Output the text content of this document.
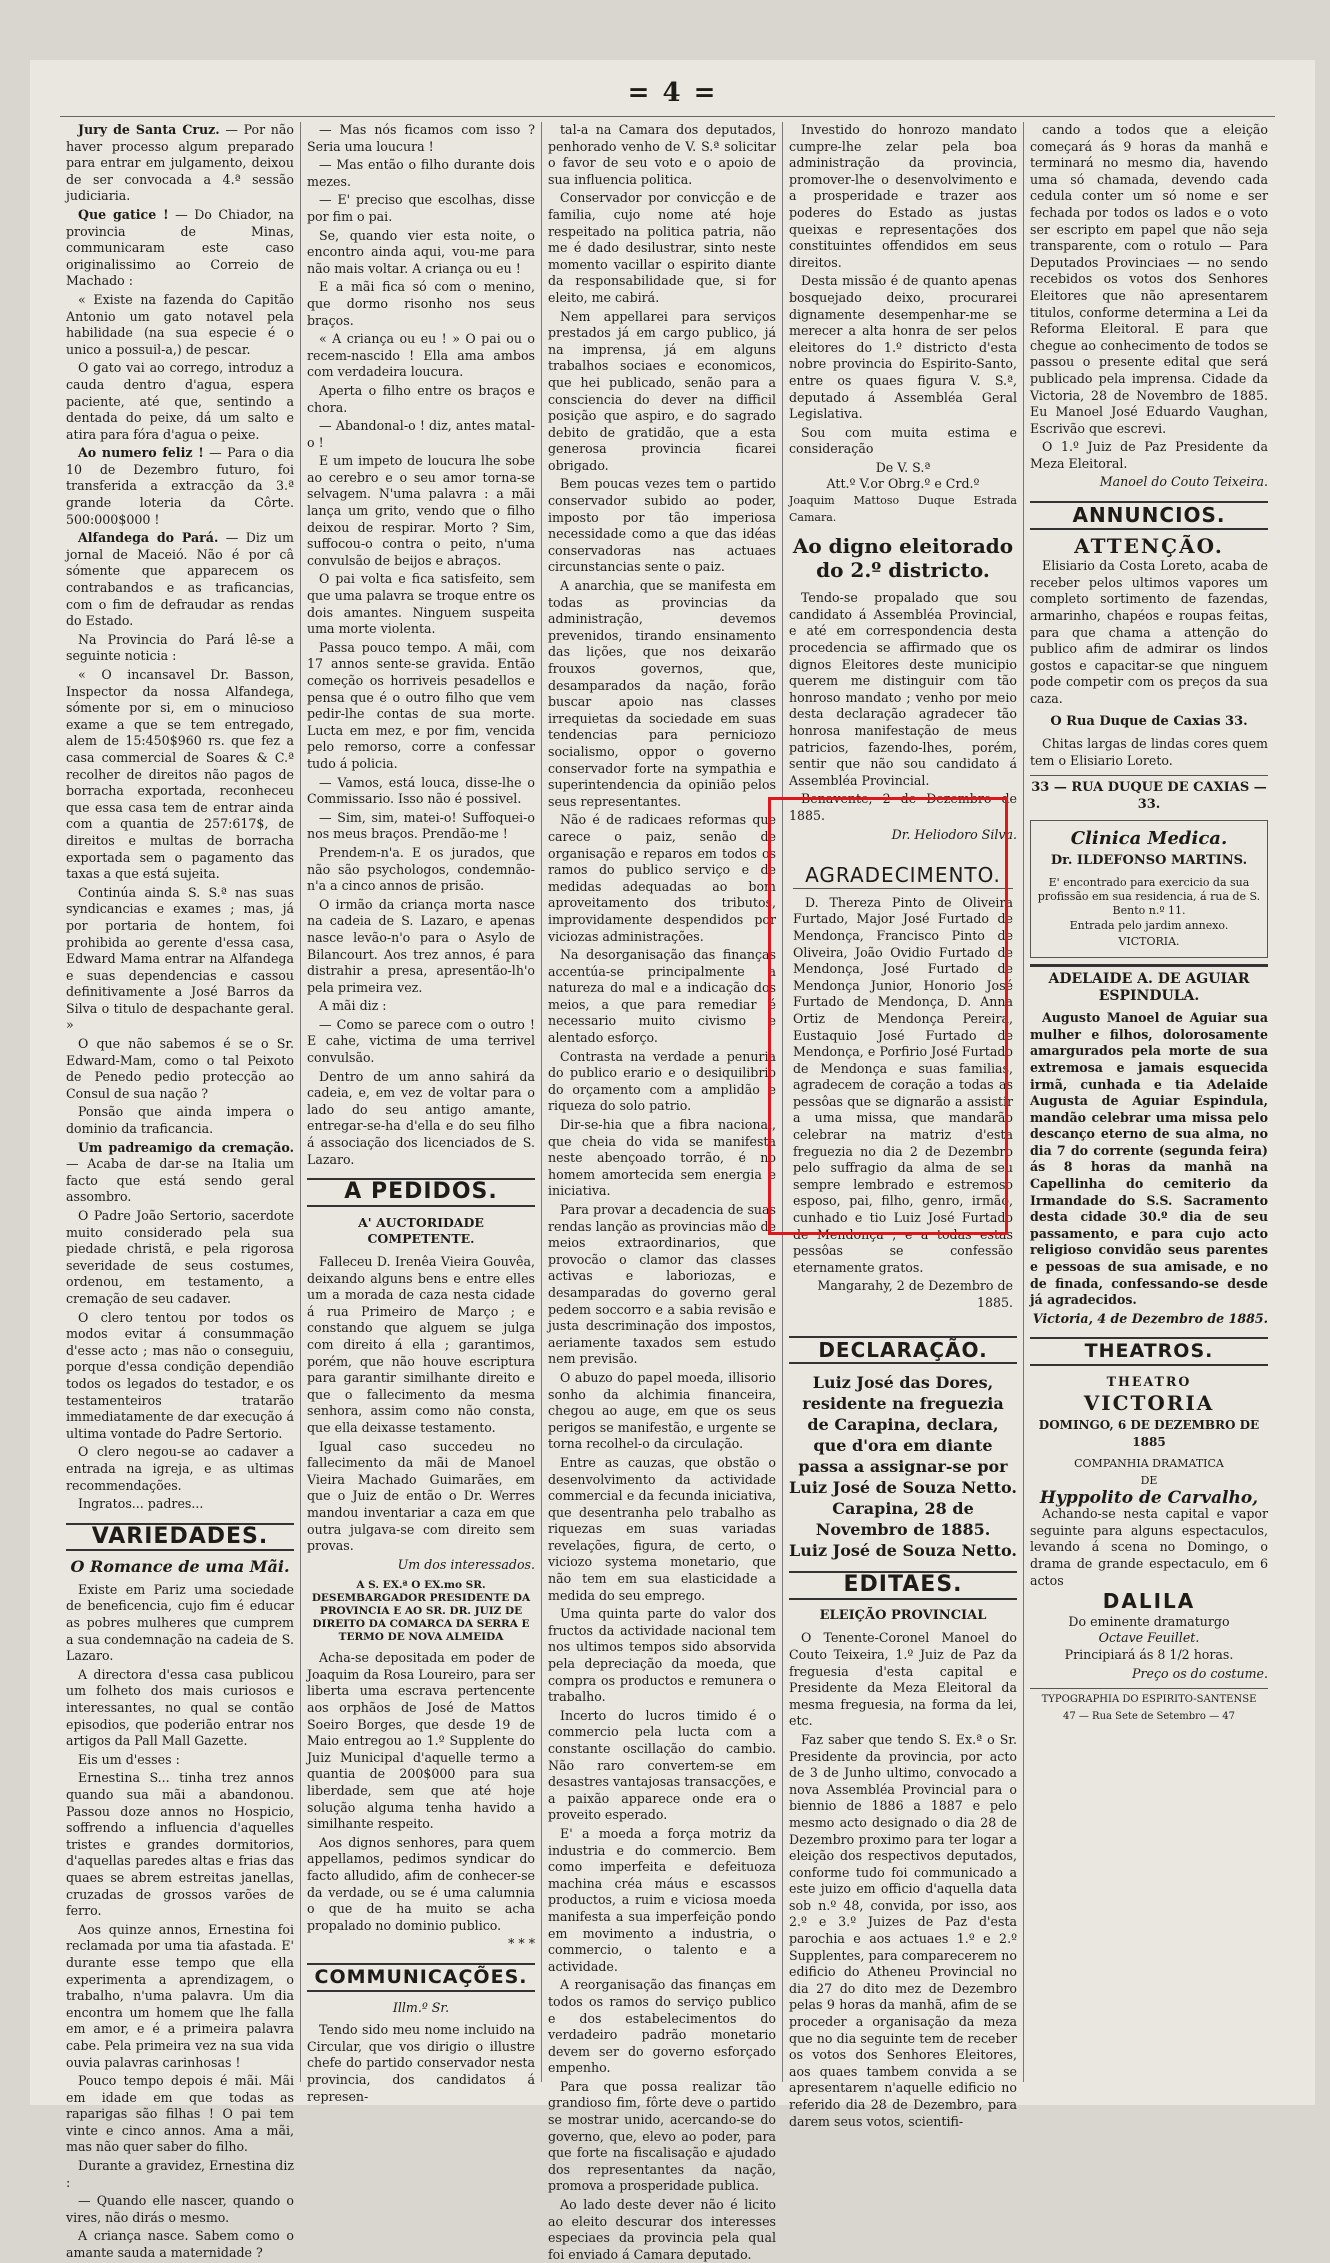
= 4 =

Jury de Santa Cruz. — Por não haver processo algum preparado para entrar em julgamento, deixou de ser convocada a 4.ª sessão judiciaria.

Que gatice ! — Do Chiador, na provincia de Minas, communicaram este caso originalissimo ao Correio de Machado :

« Existe na fazenda do Capitão Antonio um gato notavel pela habilidade (na sua especie é o unico a possuil-a,) de pescar.

O gato vai ao corrego, introduz a cauda dentro d'agua, espera paciente, até que, sentindo a dentada do peixe, dá um salto e atira para fóra d'agua o peixe.

Ao numero feliz ! — Para o dia 10 de Dezembro futuro, foi transferida a extracção da 3.ª grande loteria da Côrte. 500:000$000 !

Alfandega do Pará. — Diz um jornal de Maceió. Não é por câ sómente que apparecem os contrabandos e as traficancias, com o fim de defraudar as rendas do Estado.

Na Provincia do Pará lê-se a seguinte noticia :

« O incansavel Dr. Basson, Inspector da nossa Alfandega, sómente por si, em o minucioso exame a que se tem entregado, alem de 15:450$960 rs. que fez a casa commercial de Soares & C.ª recolher de direitos não pagos de borracha exportada, reconheceu que essa casa tem de entrar ainda com a quantia de 257:617$, de direitos e multas de borracha exportada sem o pagamento das taxas a que está sujeita.

Continúa ainda S. S.ª nas suas syndicancias e exames ; mas, já por portaria de hontem, foi prohibida ao gerente d'essa casa, Edward Mama entrar na Alfandega e suas dependencias e cassou definitivamente a José Barros da Silva o titulo de despachante geral. »

O que não sabemos é se o Sr. Edward-Mam, como o tal Peixoto de Penedo pedio protecção ao Consul de sua nação ?

Ponsão que ainda impera o dominio da traficancia.

Um padreamigo da cremação. — Acaba de dar-se na Italia um facto que está sendo geral assombro.

O Padre João Sertorio, sacerdote muito considerado pela sua piedade christã, e pela rigorosa severidade de seus costumes, ordenou, em testamento, a cremação de seu cadaver.

O clero tentou por todos os modos evitar á consummação d'esse acto ; mas não o conseguiu, porque d'essa condição dependião todos os legados do testador, e os testamenteiros tratarão immediatamente de dar execução á ultima vontade do Padre Sertorio.

O clero negou-se ao cadaver a entrada na igreja, e as ultimas recommendações.

Ingratos... padres...

VARIEDADES.
O Romance de uma Mãi.

Existe em Pariz uma sociedade de beneficencia, cujo fim é educar as pobres mulheres que cumprem a sua condemnação na cadeia de S. Lazaro.

A directora d'essa casa publicou um folheto dos mais curiosos e interessantes, no qual se contão episodios, que poderião entrar nos artigos da Pall Mall Gazette.

Eis um d'esses :

Ernestina S... tinha trez annos quando sua mãi a abandonou. Passou doze annos no Hospicio, soffrendo a influencia d'aquelles tristes e grandes dormitorios, d'aquellas paredes altas e frias das quaes se abrem estreitas janellas, cruzadas de grossos varões de ferro.

Aos quinze annos, Ernestina foi reclamada por uma tia afastada. E' durante esse tempo que ella experimenta a aprendizagem, o trabalho, n'uma palavra. Um dia encontra um homem que lhe falla em amor, e é a primeira palavra cabe. Pela primeira vez na sua vida ouvia palavras carinhosas !

Pouco tempo depois é mãi. Mãi em idade em que todas as raparigas são filhas ! O pai tem vinte e cinco annos. Ama a mãi, mas não quer saber do filho.

Durante a gravidez, Ernestina diz :

— Quando elle nascer, quando o vires, não dirás o mesmo.

A criança nasce. Sabem como o amante sauda a maternidade ?

— Mas nós ficamos com isso ? Seria uma loucura !

— Mas então o filho durante dois mezes.

— E' preciso que escolhas, disse por fim o pai.

Se, quando vier esta noite, o encontro ainda aqui, vou-me para não mais voltar. A criança ou eu !

E a mãi fica só com o menino, que dormo risonho nos seus braços.

« A criança ou eu ! » O pai ou o recem-nascido ! Ella ama ambos com verdadeira loucura.

Aperta o filho entre os braços e chora.

— Abandonal-o ! diz, antes matal-o !

E um impeto de loucura lhe sobe ao cerebro e o seu amor torna-se selvagem. N'uma palavra : a mãi lança um grito, vendo que o filho deixou de respirar. Morto ? Sim, suffocou-o contra o peito, n'uma convulsão de beijos e abraços.

O pai volta e fica satisfeito, sem que uma palavra se troque entre os dois amantes. Ninguem suspeita uma morte violenta.

Passa pouco tempo. A mãi, com 17 annos sente-se gravida. Então começão os horriveis pesadellos e pensa que é o outro filho que vem pedir-lhe contas de sua morte. Lucta em mez, e por fim, vencida pelo remorso, corre a confessar tudo á policia.

— Vamos, está louca, disse-lhe o Commissario. Isso não é possivel.

— Sim, sim, matei-o! Suffoquei-o nos meus braços. Prendão-me !

Prendem-n'a. E os jurados, que não são psychologos, condemnão-n'a a cinco annos de prisão.

O irmão da criança morta nasce na cadeia de S. Lazaro, e apenas nasce levão-n'o para o Asylo de Bilancourt. Aos trez annos, é para distrahir a presa, apresentão-lh'o pela primeira vez.

A mãi diz :

— Como se parece com o outro ! E cahe, victima de uma terrivel convulsão.

Dentro de um anno sahirá da cadeia, e, em vez de voltar para o lado do seu antigo amante, entregar-se-ha d'ella e do seu filho á associação dos licenciados de S. Lazaro.

A PEDIDOS.
A' AUCTORIDADE COMPETENTE.

Falleceu D. Irenêa Vieira Gouvêa, deixando alguns bens e entre elles um a morada de caza nesta cidade á rua Primeiro de Março ; e constando que alguem se julga com direito á ella ; garantimos, porém, que não houve escriptura para garantir similhante direito e que o fallecimento da mesma senhora, assim como não consta, que ella deixasse testamento.

Igual caso succedeu no fallecimento da mãi de Manoel Vieira Machado Guimarães, em que o Juiz de então o Dr. Werres mandou inventariar a caza em que outra julgava-se com direito sem provas.

Um dos interessados.
A S. EX.ª O EX.mo SR. DESEMBARGADOR PRESIDENTE DA PROVINCIA E AO SR. DR. JUIZ DE DIREITO DA COMARCA DA SERRA E TERMO DE NOVA ALMEIDA

Acha-se depositada em poder de Joaquim da Rosa Loureiro, para ser liberta uma escrava pertencente aos orphãos de José de Mattos Soeiro Borges, que desde 19 de Maio entregou ao 1.º Supplente do Juiz Municipal d'aquelle termo a quantia de 200$000 para sua liberdade, sem que até hoje solução alguma tenha havido a similhante respeito.

Aos dignos senhores, para quem appellamos, pedimos syndicar do facto alludido, afim de conhecer-se da verdade, ou se é uma calumnia o que de ha muito se acha propalado no dominio publico.

* * *
COMMUNICAÇÕES.
Illm.º Sr.

Tendo sido meu nome incluido na Circular, que vos dirigio o illustre chefe do partido conservador nesta provincia, dos candidatos á represen-

tal-a na Camara dos deputados, penhorado venho de V. S.ª solicitar o favor de seu voto e o apoio de sua influencia politica.

Conservador por convicção e de familia, cujo nome até hoje respeitado na politica patria, não me é dado desilustrar, sinto neste momento vacillar o espirito diante da responsabilidade que, si for eleito, me cabirá.

Nem appellarei para serviços prestados já em cargo publico, já na imprensa, já em alguns trabalhos sociaes e economicos, que hei publicado, senão para a consciencia do dever na difficil posição que aspiro, e do sagrado debito de gratidão, que a esta generosa provincia ficarei obrigado.

Bem poucas vezes tem o partido conservador subido ao poder, imposto por tão imperiosa necessidade como a que das idéas conservadoras nas actuaes circunstancias sente o paiz.

A anarchia, que se manifesta em todas as provincias da administração, devemos prevenidos, tirando ensinamento das lições, que nos deixarão frouxos governos, que, desamparados da nação, forão buscar apoio nas classes irrequietas da sociedade em suas tendencias para perniciozo socialismo, oppor o governo conservador forte na sympathia e superintendencia da opinião pelos seus representantes.

Não é de radicaes reformas que carece o paiz, senão de organisação e reparos em todos os ramos do publico serviço e de medidas adequadas ao bom aproveitamento dos tributos, improvidamente despendidos por viciozas administrações.

Na desorganisação das finanças accentúa-se principalmente a natureza do mal e a indicação dos meios, a que para remediar é necessario muito civismo e alentado esforço.

Contrasta na verdade a penuria do publico erario e o desiquilibrio do orçamento com a amplidão e riqueza do solo patrio.

Dir-se-hia que a fibra nacional, que cheia do vida se manifesta neste abençoado torrão, é no homem amortecida sem energia e iniciativa.

Para provar a decadencia de suas rendas lanção as provincias mão de meios extraordinarios, que provocão o clamor das classes activas e laboriozas, e desamparadas do governo geral pedem soccorro e a sabia revisão e justa descriminação dos impostos, aeriamente taxados sem estudo nem previsão.

O abuzo do papel moeda, illisorio sonho da alchimia financeira, chegou ao auge, em que os seus perigos se manifestão, e urgente se torna recolhel-o da circulação.

Entre as cauzas, que obstão o desenvolvimento da actividade commercial e da fecunda iniciativa, que desentranha pelo trabalho as riquezas em suas variadas revelações, figura, de certo, o viciozo systema monetario, que não tem em sua elasticidade a medida do seu emprego.

Uma quinta parte do valor dos fructos da actividade nacional tem nos ultimos tempos sido absorvida pela depreciação da moeda, que compra os productos e remunera o trabalho.

Incerto do lucros timido é o commercio pela lucta com a constante oscillação do cambio. Não raro convertem-se em desastres vantajosas transacções, e a paixão apparece onde era o proveito esperado.

E' a moeda a força motriz da industria e do commercio. Bem como imperfeita e defeituoza machina créa máus e escassos productos, a ruim e viciosa moeda manifesta a sua imperfeição pondo em movimento a industria, o commercio, o talento e a actividade.

A reorganisação das finanças em todos os ramos do serviço publico e dos estabelecimentos do verdadeiro padrão monetario devem ser do governo esforçado empenho.

Para que possa realizar tão grandioso fim, fôrte deve o partido se mostrar unido, acercando-se do governo, que, elevo ao poder, para que forte na fiscalisação e ajudado dos representantes da nação, promova a prosperidade publica.

Ao lado deste dever não é licito ao eleito descurar dos interesses especiaes da provincia pela qual foi enviado á Camara deputado.

Investido do honrozo mandato cumpre-lhe zelar pela boa administração da provincia, promover-lhe o desenvolvimento e a prosperidade e trazer aos poderes do Estado as justas queixas e representações dos constituintes offendidos em seus direitos.

Desta missão é de quanto apenas bosquejado deixo, procurarei dignamente desempenhar-me se merecer a alta honra de ser pelos eleitores do 1.º districto d'esta nobre provincia do Espirito-Santo, entre os quaes figura V. S.ª, deputado á Assembléa Geral Legislativa.

Sou com muita estima e consideração

De V. S.ª
Att.º V.or Obrg.º e Crd.º
Joaquim Mattoso Duque Estrada Camara.
Ao digno eleitorado do 2.º districto.

Tendo-se propalado que sou candidato á Assembléa Provincial, e até em correspondencia desta procedencia se affirmado que os dignos Eleitores deste municipio querem me distinguir com tão honroso mandato ; venho por meio desta declaração agradecer tão honrosa manifestação de meus patricios, fazendo-lhes, porém, sentir que não sou candidato á Assembléa Provincial.

Benavente, 2 de Dezembro de 1885.

Dr. Heliodoro Silva.
AGRADECIMENTO.

D. Thereza Pinto de Oliveira Furtado, Major José Furtado de Mendonça, Francisco Pinto de Oliveira, João Ovidio Furtado de Mendonça, José Furtado de Mendonça Junior, Honorio José Furtado de Mendonça, D. Anna Ortiz de Mendonça Pereira, Eustaquio José Furtado de Mendonça, e Porfirio José Furtado de Mendonça e suas familias, agradecem de coração a todas as pessôas que se dignarão a assistir a uma missa, que mandarão celebrar na matriz d'esta freguezia no dia 2 de Dezembro pelo suffragio da alma de seu sempre lembrado e estremoso esposo, pai, filho, genro, irmão, cunhado e tio Luiz José Furtado de Mendonça ; e a todas estas pessôas se confessão eternamente gratos.

Mangarahy, 2 de Dezembro de 1885.
DECLARAÇÃO.
Luiz José das Dores, residente na freguezia de Carapina, declara, que d'ora em diante passa a assignar-se por Luiz José de Souza Netto.
Carapina, 28 de Novembro de 1885.
Luiz José de Souza Netto.
EDITAES.
ELEIÇÃO PROVINCIAL

O Tenente-Coronel Manoel do Couto Teixeira, 1.º Juiz de Paz da freguesia d'esta capital e Presidente da Meza Eleitoral da mesma freguesia, na forma da lei, etc.

Faz saber que tendo S. Ex.ª o Sr. Presidente da provincia, por acto de 3 de Junho ultimo, convocado a nova Assembléa Provincial para o biennio de 1886 a 1887 e pelo mesmo acto designado o dia 28 de Dezembro proximo para ter logar a eleição dos respectivos deputados, conforme tudo foi communicado a este juizo em officio d'aquella data sob n.º 48, convida, por isso, aos 2.º e 3.º Juizes de Paz d'esta parochia e aos actuaes 1.º e 2.º Supplentes, para comparecerem no edificio do Atheneu Provincial no dia 27 do dito mez de Dezembro pelas 9 horas da manhã, afim de se proceder a organisação da meza que no dia seguinte tem de receber os votos dos Senhores Eleitores, aos quaes tambem convida a se apresentarem n'aquelle edificio no referido dia 28 de Dezembro, para darem seus votos, scientifi-

cando a todos que a eleição começará ás 9 horas da manhã e terminará no mesmo dia, havendo uma só chamada, devendo cada cedula conter um só nome e ser fechada por todos os lados e o voto ser escripto em papel que não seja transparente, com o rotulo — Para Deputados Provinciaes — no sendo recebidos os votos dos Senhores Eleitores que não apresentarem titulos, conforme determina a Lei da Reforma Eleitoral. E para que chegue ao conhecimento de todos se passou o presente edital que será publicado pela imprensa. Cidade da Victoria, 28 de Novembro de 1885. Eu Manoel José Eduardo Vaughan, Escrivão que escrevi.

O 1.º Juiz de Paz Presidente da Meza Eleitoral.

Manoel do Couto Teixeira.
ANNUNCIOS.
ATTENÇÃO.

Elisiario da Costa Loreto, acaba de receber pelos ultimos vapores um completo sortimento de fazendas, armarinho, chapéos e roupas feitas, para que chama a attenção do publico afim de admirar os lindos gostos e capacitar-se que ninguem pode competir com os preços da sua caza.

O Rua Duque de Caxias 33.

Chitas largas de lindas cores quem tem o Elisiario Loreto.

33 — RUA DUQUE DE CAXIAS — 33.
Clinica Medica.
Dr. ILDEFONSO MARTINS.
E' encontrado para exercicio da sua profissão em sua residencia, á rua de S. Bento n.º 11.
Entrada pelo jardim annexo.
VICTORIA.
ADELAIDE A. DE AGUIAR ESPINDULA.

Augusto Manoel de Aguiar sua mulher e filhos, dolorosamente amargurados pela morte de sua extremosa e jamais esquecida irmã, cunhada e tia Adelaide Augusta de Aguiar Espindula, mandão celebrar uma missa pelo descanço eterno de sua alma, no dia 7 do corrente (segunda feira) ás 8 horas da manhã na Capellinha do cemiterio da Irmandade do S.S. Sacramento desta cidade 30.º dia de seu passamento, e para cujo acto religioso convidão seus parentes e pessoas de sua amisade, e no de finada, confessando-se desde já agradecidos.

Victoria, 4 de Dezembro de 1885.
THEATROS.
THEATRO
VICTORIA
DOMINGO, 6 DE DEZEMBRO DE 1885
COMPANHIA DRAMATICA
DE
Hyppolito de Carvalho,

Achando-se nesta capital e vapor seguinte para alguns espectaculos, levando á scena no Domingo, o drama de grande espectaculo, em 6 actos

DALILA
Do eminente dramaturgo
Octave Feuillet.
Principiará ás 8 1/2 horas.
Preço os do costume.
TYPOGRAPHIA DO ESPIRITO-SANTENSE
47 — Rua Sete de Setembro — 47
